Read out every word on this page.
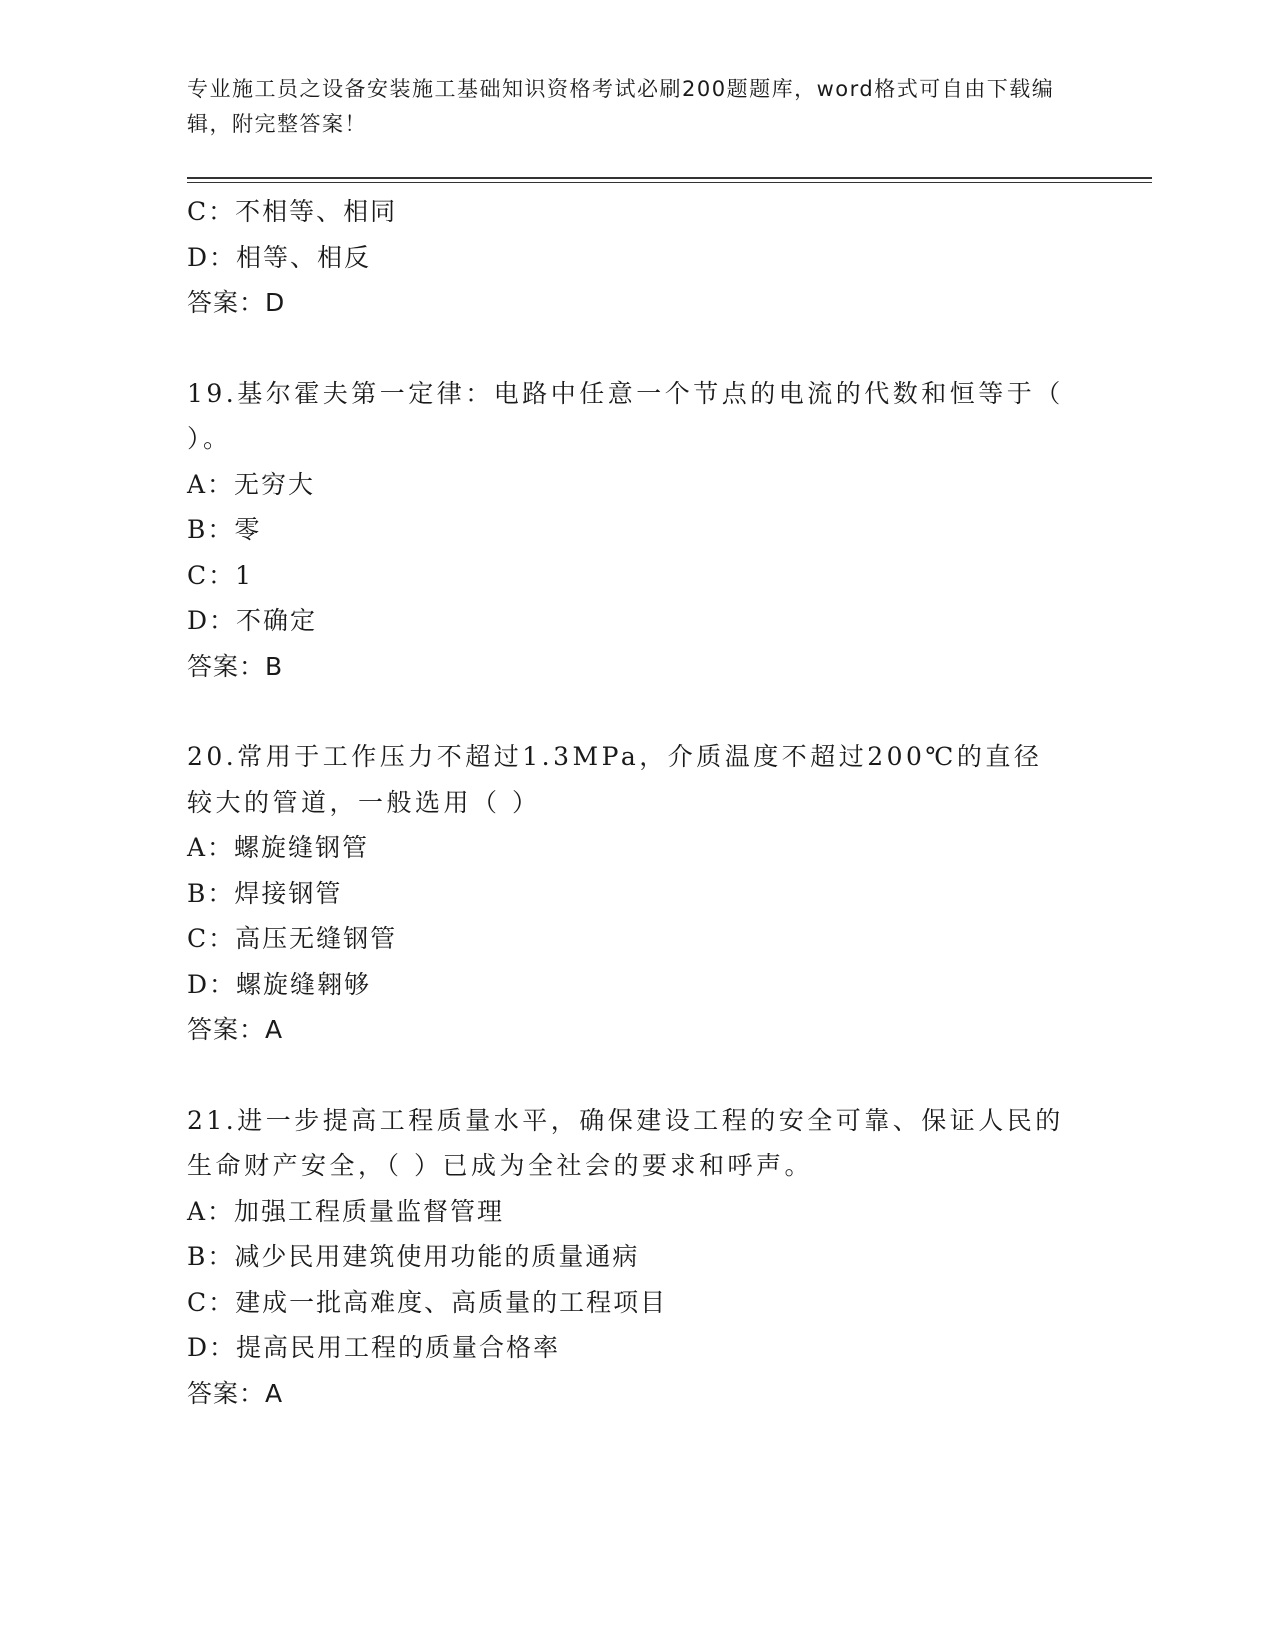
专业施工员之设备安装施工基础知识资格考试必刷200题题库，word格式可自由下载编辑，附完整答案！
C：不相等、相同
D：相等、相反
答案：D
19.基尔霍夫第一定律：电路中任意一个节点的电流的代数和恒等于（ ）。
A：无穷大
B：零
C：1
D：不确定
答案：B
20.常用于工作压力不超过1.3MPa，介质温度不超过200℃的直径较大的管道，一般选用（ ）
A：螺旋缝钢管
B：焊接钢管
C：高压无缝钢管
D：螺旋缝翱够
答案：A
21.进一步提高工程质量水平，确保建设工程的安全可靠、保证人民的生命财产安全，（ ）已成为全社会的要求和呼声。
A：加强工程质量监督管理
B：减少民用建筑使用功能的质量通病
C：建成一批高难度、高质量的工程项目
D：提高民用工程的质量合格率
答案：A
